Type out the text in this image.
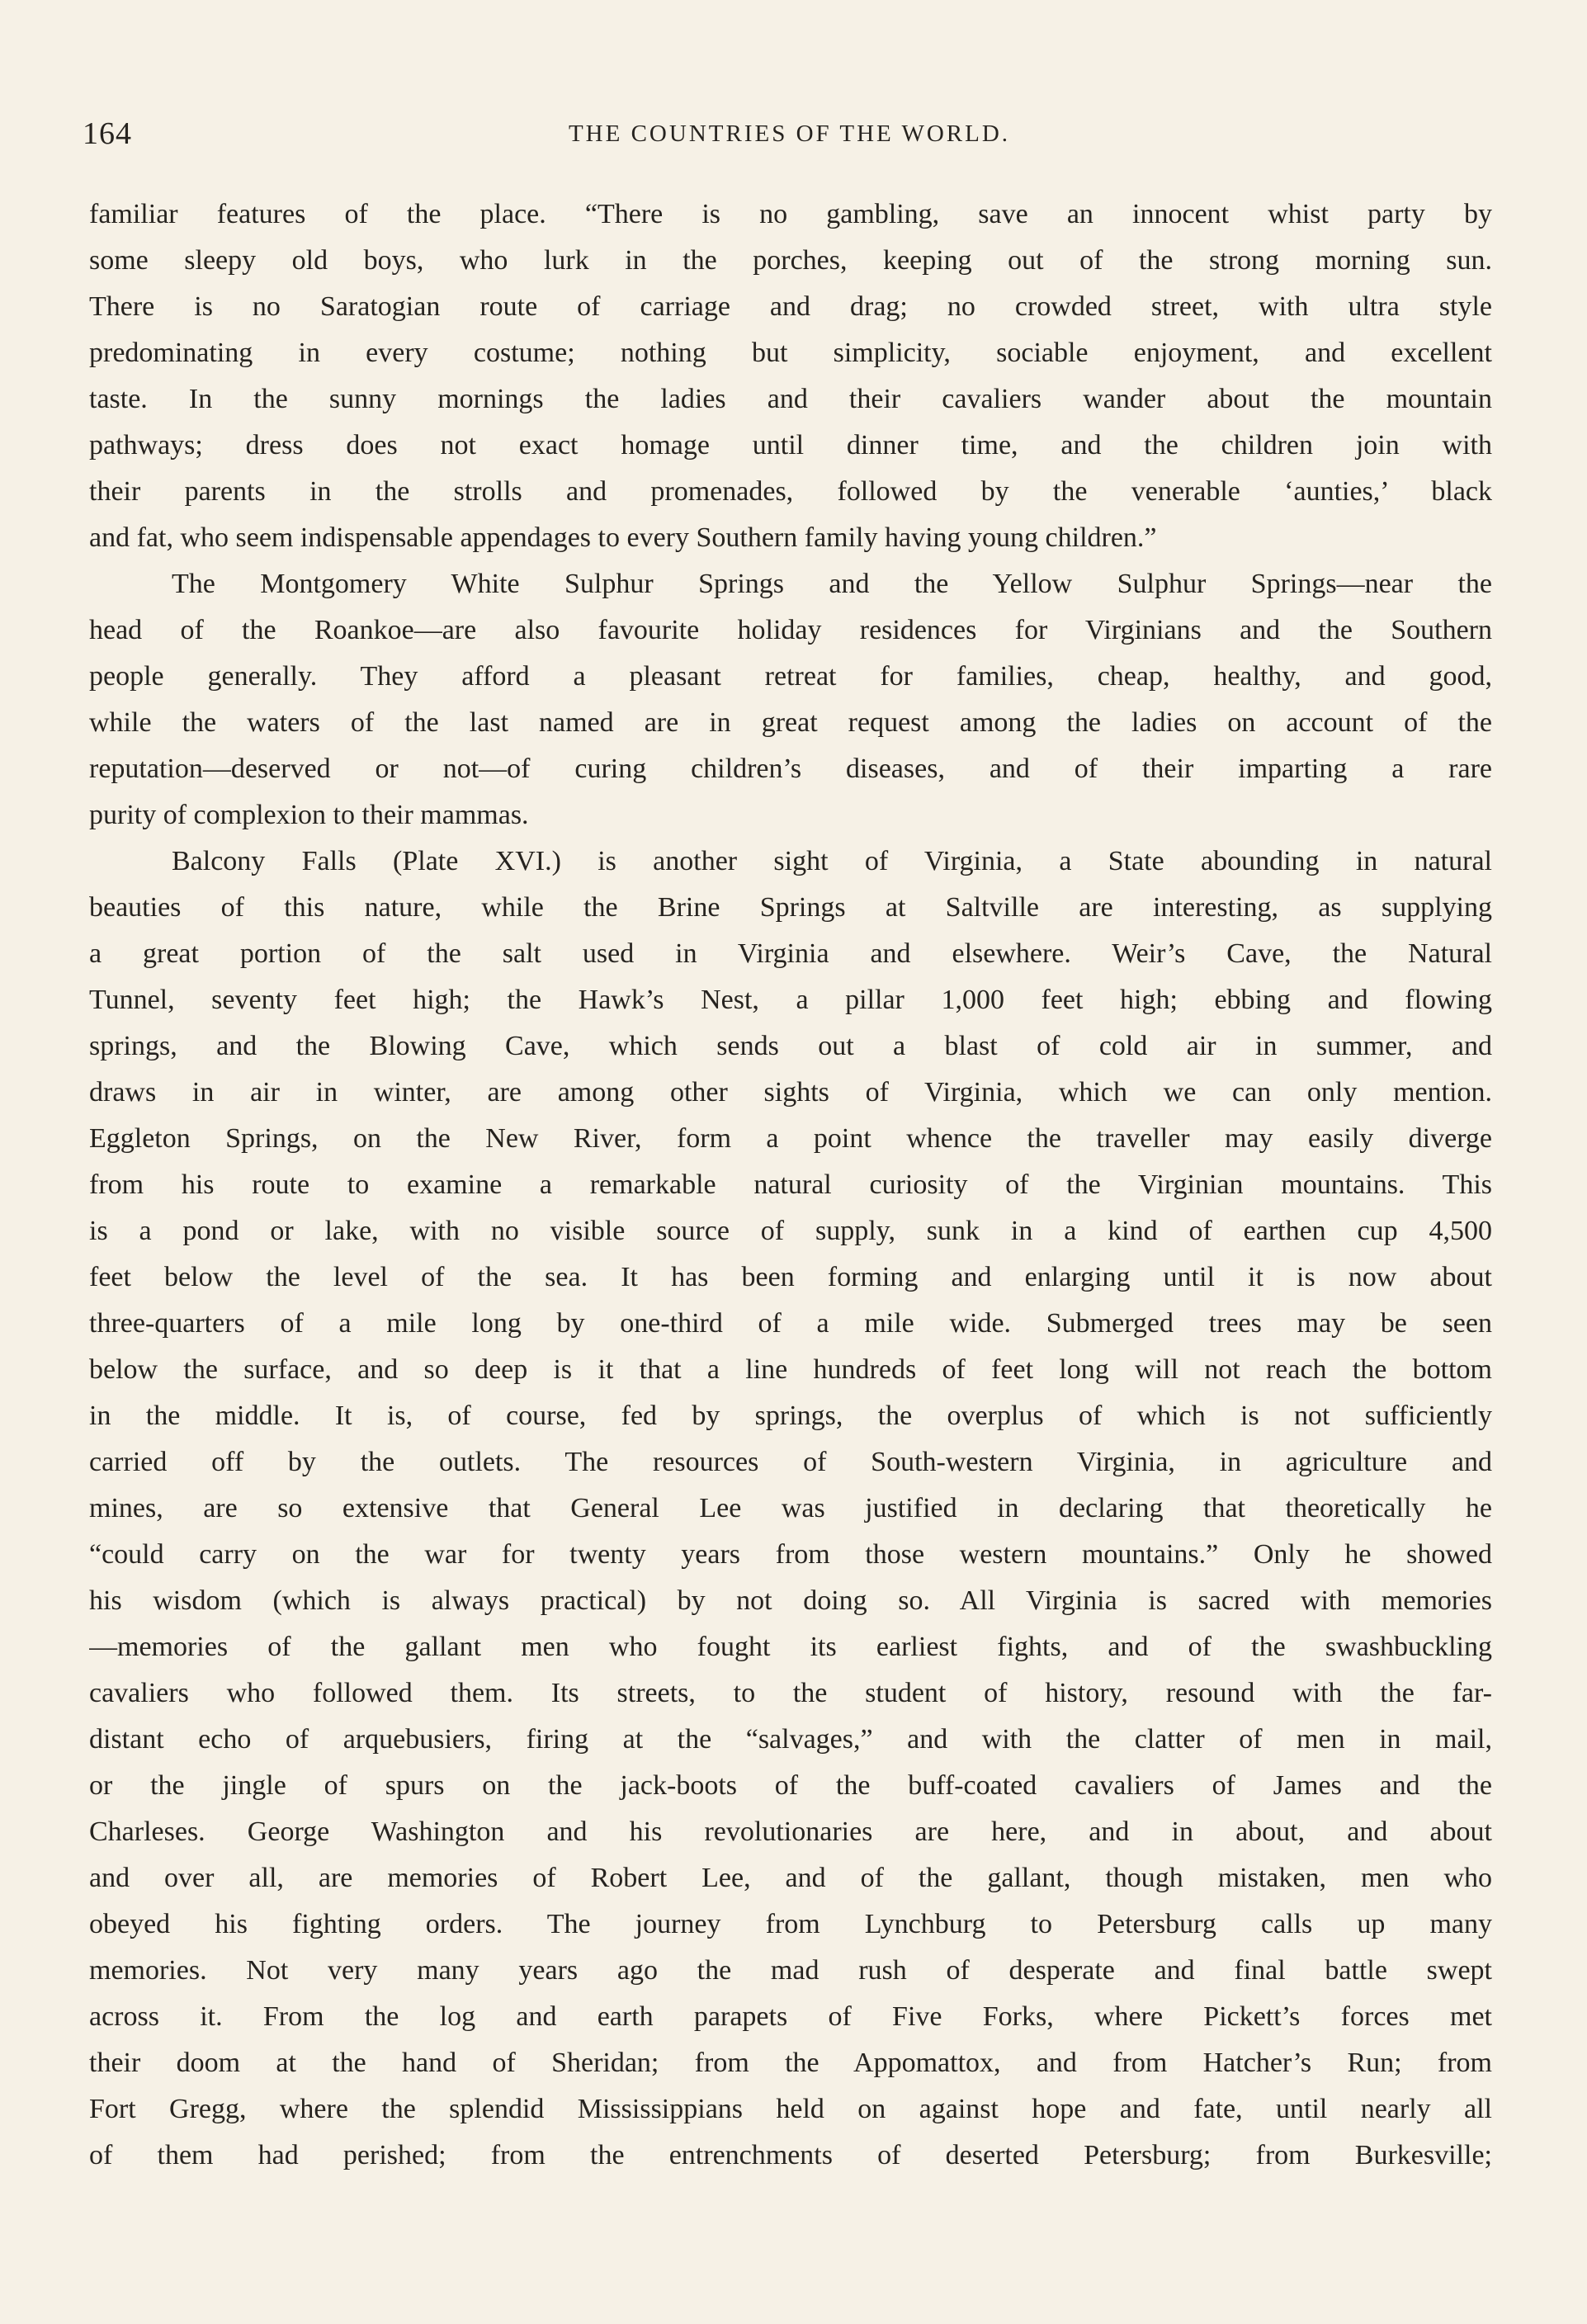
164	THE COUNTRIES OF THE WORLD.
familiar features of the place. “There is no gambling, save an innocent whist party by
some sleepy old boys, who lurk in the porches, keeping out of the strong morning sun.
There is no Saratogian route of carriage and drag; no crowded street, with ultra style
predominating in every costume; nothing but simplicity, sociable enjoyment, and excellent
taste. In the sunny mornings the ladies and their cavaliers wander about the mountain
pathways; dress does not exact homage until dinner time, and the children join with
their parents in the strolls and promenades, followed by the venerable ‘aunties,’ black
and fat, who seem indispensable appendages to every Southern family having young children.”
The Montgomery White Sulphur Springs and the Yellow Sulphur Springs—near the
head of the Roankoe—are also favourite holiday residences for Virginians and the Southern
people generally. They afford a pleasant retreat for families, cheap, healthy, and good,
while the waters of the last named are in great request among the ladies on account of the
reputation—deserved or not—of curing children’s diseases, and of their imparting a rare
purity of complexion to their mammas.
Balcony Falls (Plate XVI.) is another sight of Virginia, a State abounding in natural
beauties of this nature, while the Brine Springs at Saltville are interesting, as supplying
a great portion of the salt used in Virginia and elsewhere. Weir’s Cave, the Natural
Tunnel, seventy feet high; the Hawk’s Nest, a pillar 1,000 feet high; ebbing and flowing
springs, and the Blowing Cave, which sends out a blast of cold air in summer, and
draws in air in winter, are among other sights of Virginia, which we can only mention.
Eggleton Springs, on the New River, form a point whence the traveller may easily diverge
from his route to examine a remarkable natural curiosity of the Virginian mountains. This
is a pond or lake, with no visible source of supply, sunk in a kind of earthen cup 4,500
feet below the level of the sea. It has been forming and enlarging until it is now about
three-quarters of a mile long by one-third of a mile wide. Submerged trees may be seen
below the surface, and so deep is it that a line hundreds of feet long will not reach the bottom
in the middle. It is, of course, fed by springs, the overplus of which is not sufficiently
carried off by the outlets. The resources of South-western Virginia, in agriculture and
mines, are so extensive that General Lee was justified in declaring that theoretically he
“could carry on the war for twenty years from those western mountains.” Only he showed
his wisdom (which is always practical) by not doing so. All Virginia is sacred with memories
—memories of the gallant men who fought its earliest fights, and of the swashbuckling
cavaliers who followed them. Its streets, to the student of history, resound with the far-
distant echo of arquebusiers, firing at the “salvages,” and with the clatter of men in mail,
or the jingle of spurs on the jack-boots of the buff-coated cavaliers of James and the
Charleses. George Washington and his revolutionaries are here, and in about, and about
and over all, are memories of Robert Lee, and of the gallant, though mistaken, men who
obeyed his fighting orders. The journey from Lynchburg to Petersburg calls up many
memories. Not very many years ago the mad rush of desperate and final battle swept
across it. From the log and earth parapets of Five Forks, where Pickett’s forces met
their doom at the hand of Sheridan; from the Appomattox, and from Hatcher’s Run; from
Fort Gregg, where the splendid Mississippians held on against hope and fate, until nearly all
of them had perished; from the entrenchments of deserted Petersburg; from Burkesville;
